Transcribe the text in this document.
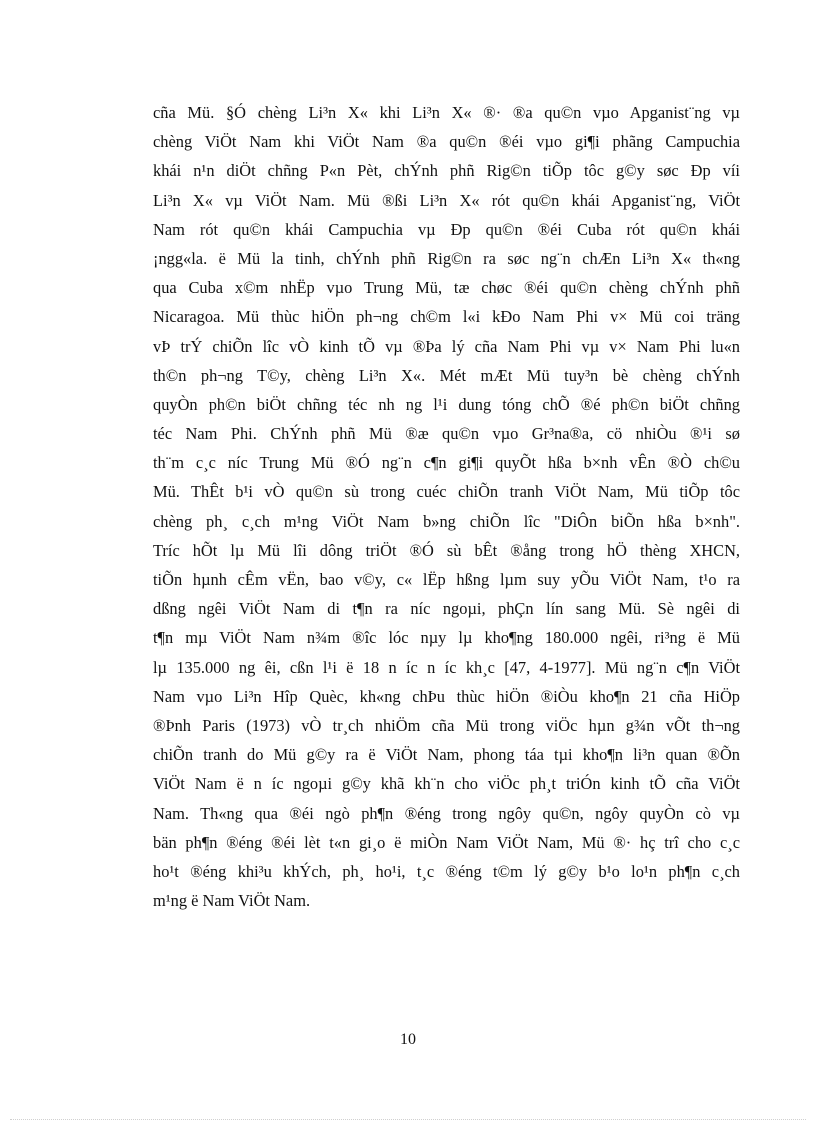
cña Mü. §Ó chèng Li³n X« khi Li³n X« ®· ®a qu©n vµo Apganist¨ng vµ
chèng ViÖt Nam khi ViÖt Nam ®a qu©n ®éi vµo gi¶i phãng Campuchia
khái n¹n diÖt chñng P«n Pèt, chÝnh phñ Rig©n tiÕp tôc g©y søc Ðp víi
Li³n X« vµ ViÖt Nam. Mü ®ßi Li³n X« rót qu©n khái Apganist¨ng, ViÖt
Nam rót qu©n khái Campuchia vµ Ðp qu©n ®éi Cuba rót qu©n khái
¡ngg«la. ë Mü la tinh, chÝnh phñ Rig©n ra søc ng¨n chÆn Li³n X« th«ng
qua Cuba x©m nhËp vµo Trung Mü, tæ chøc ®éi qu©n chèng chÝnh phñ
Nicaragoa. Mü thùc hiÖn ph¬ng ch©m l«i kÐo Nam Phi v× Mü coi träng
vÞ trÝ chiÕn lîc vÒ kinh tÕ vµ ®Þa lý cña Nam Phi vµ v× Nam Phi lu«n
th©n ph¬ng T©y, chèng Li³n X«. Mét mÆt Mü tuy³n bè chèng chÝnh
quyÒn ph©n biÖt chñng téc nh ng l¹i dung tóng chÕ ®é ph©n biÖt chñng
téc Nam Phi. ChÝnh phñ Mü ®æ qu©n vµo Gr³na®a, cö nhiÒu ®¹i sø
th¨m c¸c níc Trung Mü ®Ó ng¨n c¶n gi¶i quyÕt hßa b×nh vÊn ®Ò ch©u
Mü. ThÊt b¹i vÒ qu©n sù trong cuéc chiÕn tranh ViÖt Nam, Mü tiÕp tôc
chèng ph¸ c¸ch m¹ng ViÖt Nam b»ng chiÕn lîc "DiÔn biÕn hßa b×nh".
Tríc hÕt lµ Mü lîi dông triÖt ®Ó sù bÊt ®ång trong hÖ thèng XHCN,
tiÕn hµnh cÊm vËn, bao v©y, c« lËp hßng lµm suy yÕu ViÖt Nam, t¹o ra
dßng ngêi ViÖt Nam di t¶n ra níc ngoµi, phÇn lín sang Mü. Sè ngêi di
t¶n mµ ViÖt Nam n¾m ®îc lóc nµy lµ kho¶ng 180.000 ngêi, ri³ng ë Mü
lµ 135.000 ng êi, cßn l¹i ë 18 n íc n íc kh¸c [47, 4-1977]. Mü ng¨n c¶n ViÖt
Nam vµo Li³n Hîp Quèc, kh«ng chÞu thùc hiÖn ®iÒu kho¶n 21 cña HiÖp
®Þnh Paris (1973) vÒ tr¸ch nhiÖm cña Mü trong viÖc hµn g¾n vÕt th¬ng
chiÕn tranh do Mü g©y ra ë ViÖt Nam, phong táa tµi kho¶n li³n quan ®Õn
ViÖt Nam ë n íc ngoµi g©y khã kh¨n cho viÖc ph¸t triÓn kinh tÕ cña ViÖt
Nam. Th«ng qua ®éi ngò ph¶n ®éng trong ngôy qu©n, ngôy quyÒn cò vµ
bän ph¶n ®éng ®éi lèt t«n gi¸o ë miÒn Nam ViÖt Nam, Mü ®· hç trî cho c¸c
ho¹t ®éng khi³u khÝch, ph¸ ho¹i, t¸c ®éng t©m lý g©y b¹o lo¹n ph¶n c¸ch
m¹ng ë Nam ViÖt Nam.
10
